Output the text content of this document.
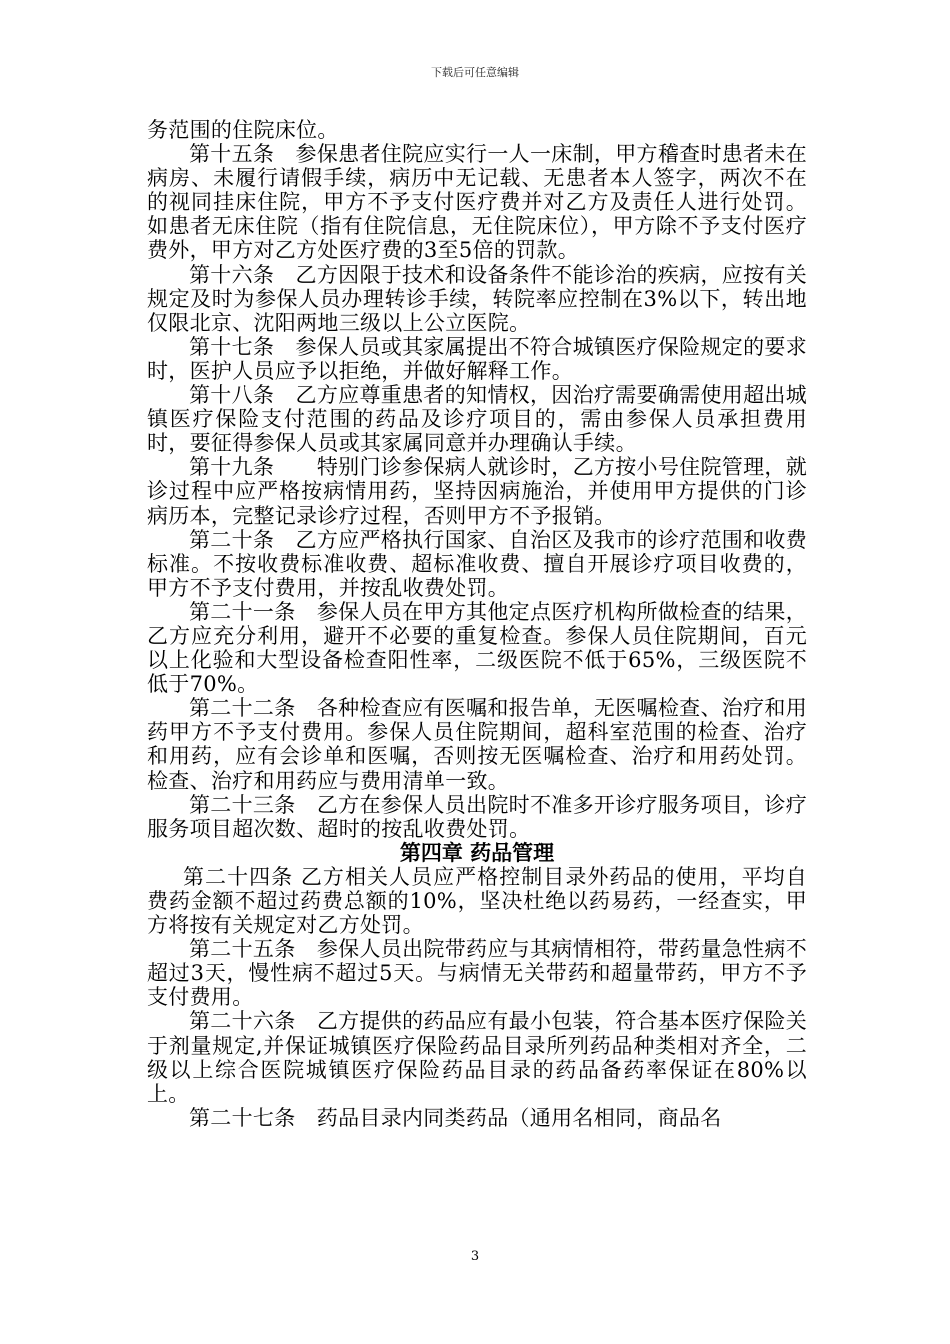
下载后可任意编辑

务范围的住院床位。

第十五条　参保患者住院应实行一人一床制，甲方稽查时患者未在病房、未履行请假手续，病历中无记载、无患者本人签字，两次不在的视同挂床住院，甲方不予支付医疗费并对乙方及责任人进行处罚。如患者无床住院（指有住院信息，无住院床位），甲方除不予支付医疗费外，甲方对乙方处医疗费的3至5倍的罚款。

第十六条　乙方因限于技术和设备条件不能诊治的疾病，应按有关规定及时为参保人员办理转诊手续，转院率应控制在3%以下，转出地仅限北京、沈阳两地三级以上公立医院。

第十七条　参保人员或其家属提出不符合城镇医疗保险规定的要求时，医护人员应予以拒绝，并做好解释工作。

第十八条　乙方应尊重患者的知情权，因治疗需要确需使用超出城镇医疗保险支付范围的药品及诊疗项目的，需由参保人员承担费用时，要征得参保人员或其家属同意并办理确认手续。

第十九条　　特别门诊参保病人就诊时，乙方按小号住院管理，就诊过程中应严格按病情用药，坚持因病施治，并使用甲方提供的门诊病历本，完整记录诊疗过程，否则甲方不予报销。

第二十条　乙方应严格执行国家、自治区及我市的诊疗范围和收费标准。不按收费标准收费、超标准收费、擅自开展诊疗项目收费的，甲方不予支付费用，并按乱收费处罚。

第二十一条　参保人员在甲方其他定点医疗机构所做检查的结果，乙方应充分利用，避开不必要的重复检查。参保人员住院期间，百元以上化验和大型设备检查阳性率，二级医院不低于65%，三级医院不低于70%。

第二十二条　各种检查应有医嘱和报告单，无医嘱检查、治疗和用药甲方不予支付费用。参保人员住院期间，超科室范围的检查、治疗和用药，应有会诊单和医嘱，否则按无医嘱检查、治疗和用药处罚。检查、治疗和用药应与费用清单一致。

第二十三条　乙方在参保人员出院时不准多开诊疗服务项目，诊疗服务项目超次数、超时的按乱收费处罚。

第四章 药品管理

第二十四条 乙方相关人员应严格控制目录外药品的使用，平均自费药金额不超过药费总额的10%，坚决杜绝以药易药，一经查实，甲方将按有关规定对乙方处罚。

第二十五条　参保人员出院带药应与其病情相符，带药量急性病不超过3天，慢性病不超过5天。与病情无关带药和超量带药，甲方不予支付费用。

第二十六条　乙方提供的药品应有最小包装，符合基本医疗保险关于剂量规定,并保证城镇医疗保险药品目录所列药品种类相对齐全，二级以上综合医院城镇医疗保险药品目录的药品备药率保证在80%以上。

第二十七条　药品目录内同类药品（通用名相同，商品名

3
